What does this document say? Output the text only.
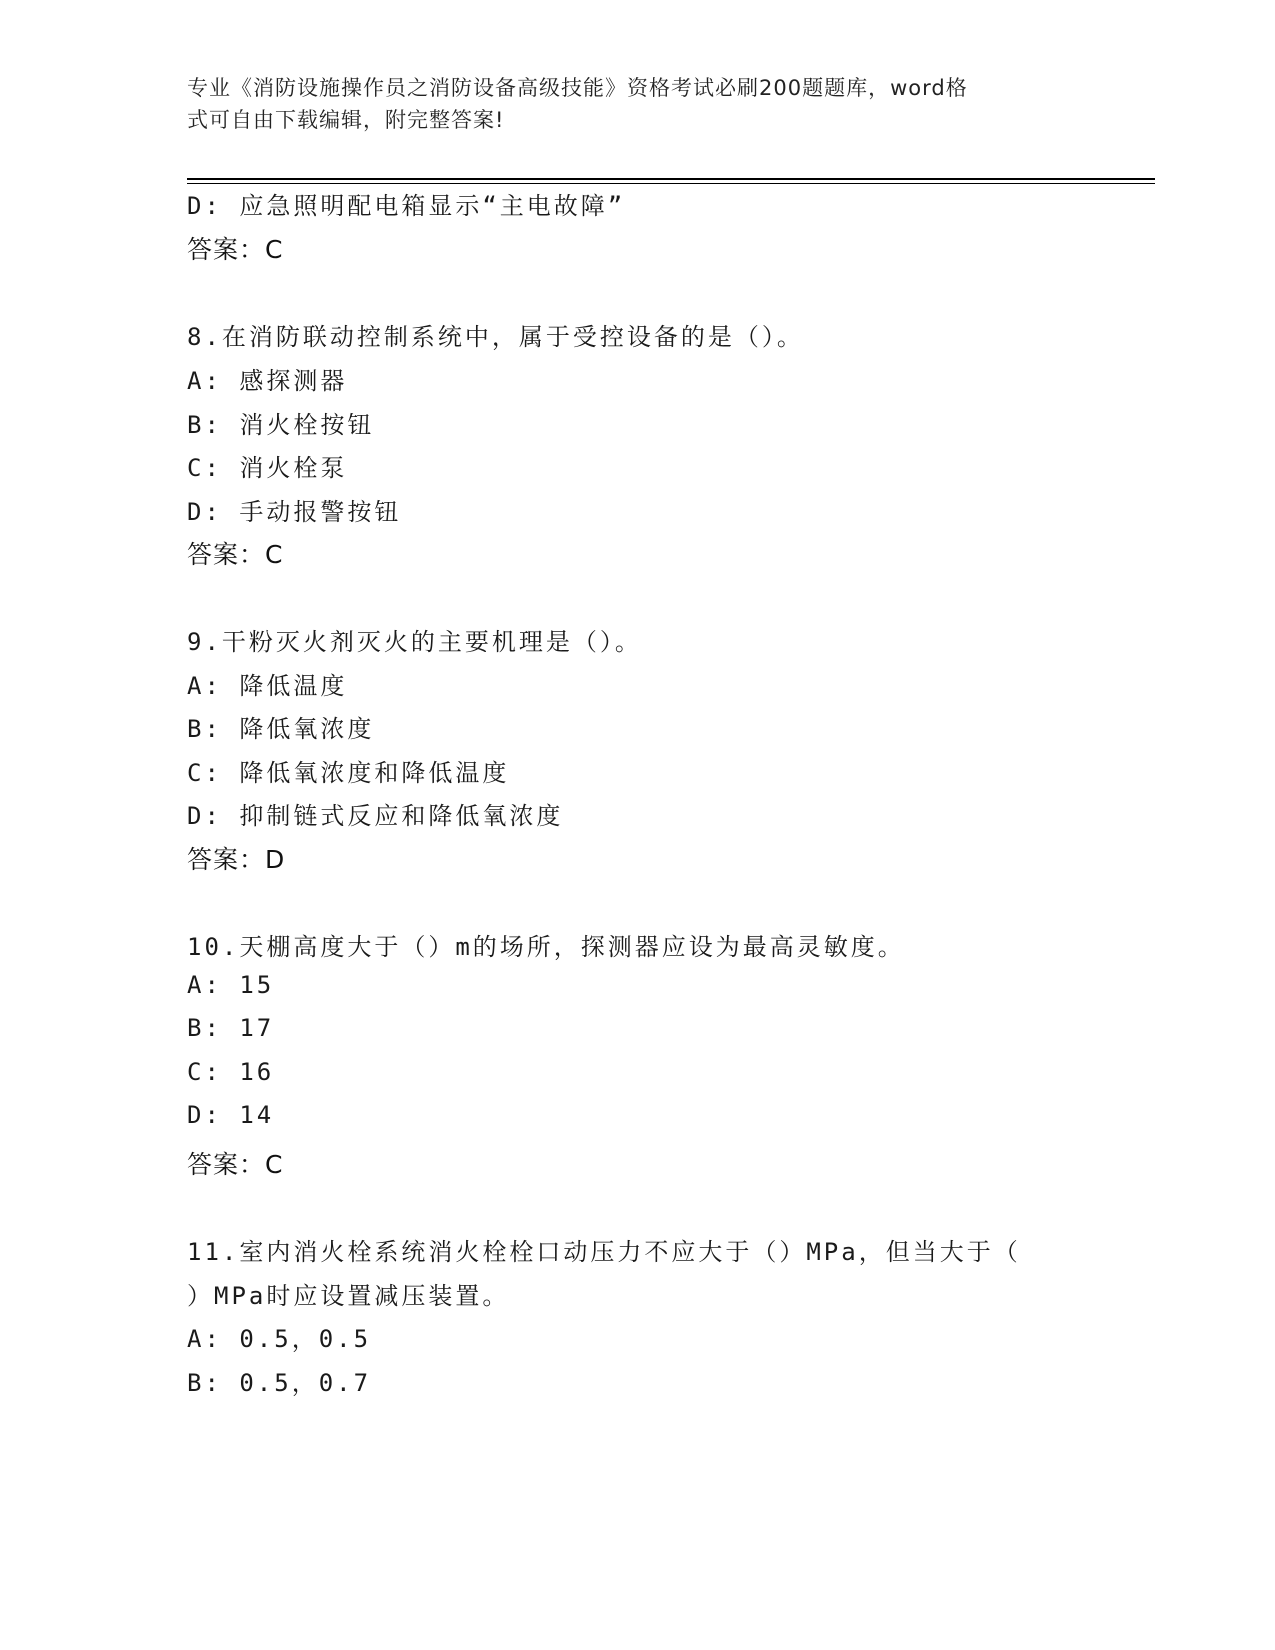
专业《消防设施操作员之消防设备高级技能》资格考试必刷200题题库，word格
式可自由下载编辑，附完整答案!
D: 应急照明配电箱显示“主电故障”
答案：C
8.在消防联动控制系统中，属于受控设备的是（）。
A: 感探测器
B: 消火栓按钮
C: 消火栓泵
D: 手动报警按钮
答案：C
9.干粉灭火剂灭火的主要机理是（）。
A: 降低温度
B: 降低氧浓度
C: 降低氧浓度和降低温度
D: 抑制链式反应和降低氧浓度
答案：D
10.天棚高度大于（）m的场所，探测器应设为最高灵敏度。
A: 15
B: 17
C: 16
D: 14
答案：C
11.室内消火栓系统消火栓栓口动压力不应大于（）MPa，但当大于（
）MPa时应设置减压装置。
A: 0.5，0.5
B: 0.5，0.7
